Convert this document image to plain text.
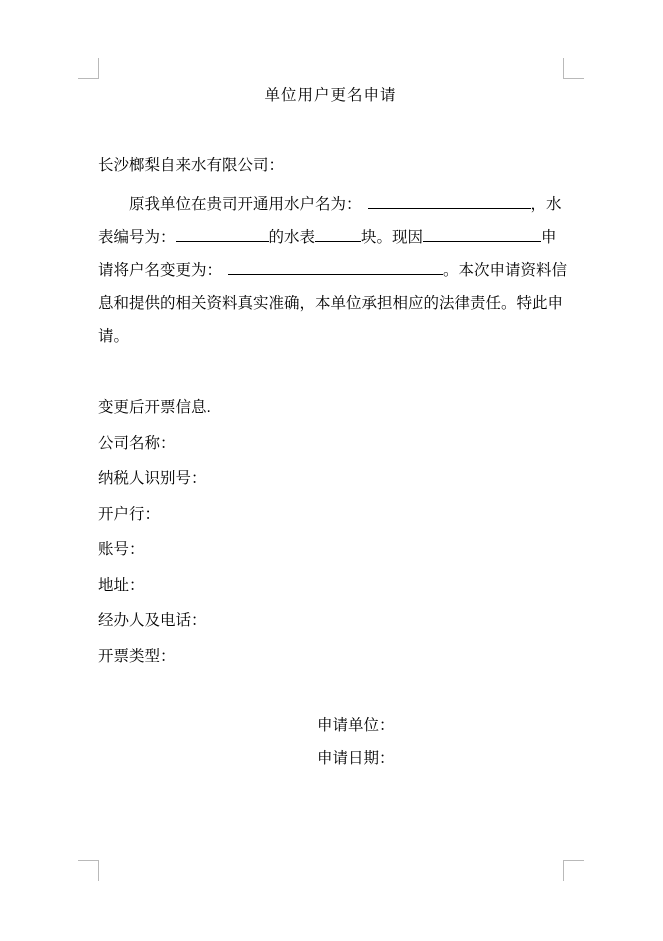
单位用户更名申请
长沙榔梨自来水有限公司：
原我单位在贵司开通用水户名为：	，水
表编号为：	的水表	块。现因	申
请将户名变更为：	。本次申请资料信
息和提供的相关资料真实准确，本单位承担相应的法律责任。特此申
请。
变更后开票信息.
公司名称：
纳税人识别号：
开户行：
账号：
地址：
经办人及电话：
开票类型：
申请单位：
申请日期：
